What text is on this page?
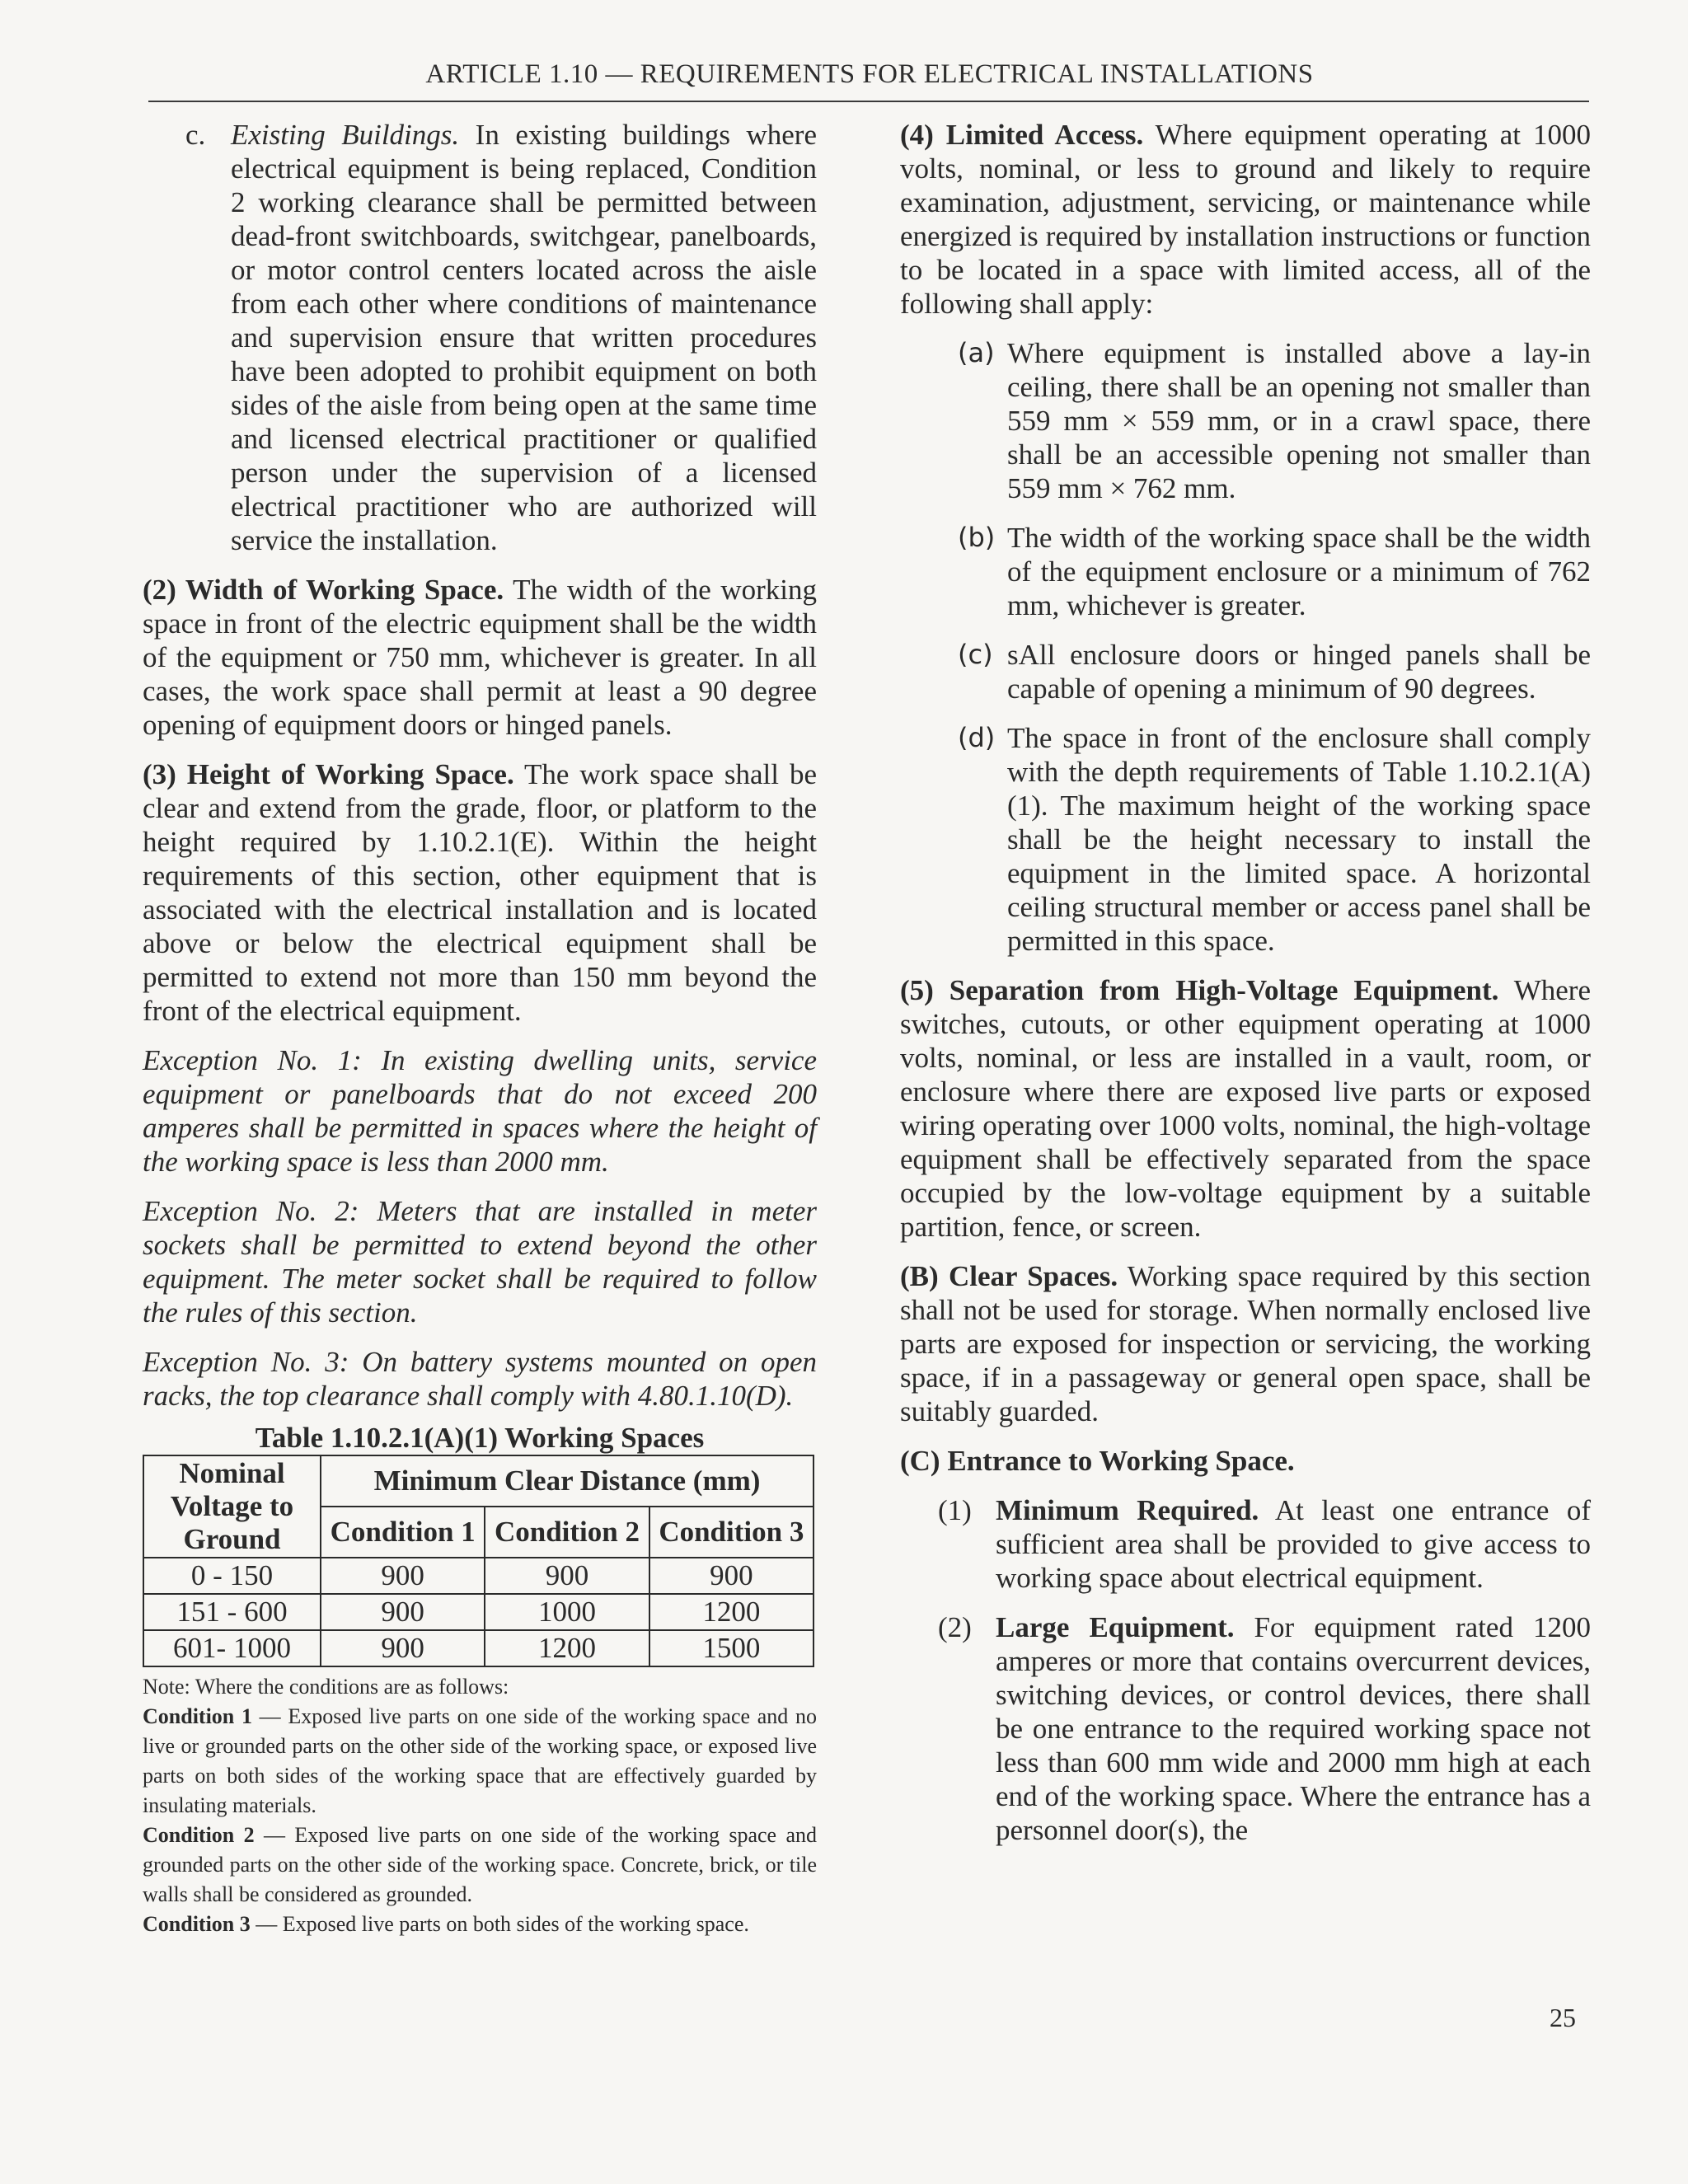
ARTICLE 1.10 — REQUIREMENTS FOR ELECTRICAL INSTALLATIONS
c. Existing Buildings. In existing buildings where electrical equipment is being replaced, Condition 2 working clearance shall be permitted between dead-front switchboards, switchgear, panelboards, or motor control centers located across the aisle from each other where conditions of maintenance and supervision ensure that written procedures have been adopted to prohibit equipment on both sides of the aisle from being open at the same time and licensed electrical practitioner or qualified person under the supervision of a licensed electrical practitioner who are authorized will service the installation.

(2) Width of Working Space. The width of the working space in front of the electric equipment shall be the width of the equipment or 750 mm, whichever is greater. In all cases, the work space shall permit at least a 90 degree opening of equipment doors or hinged panels.

(3) Height of Working Space. The work space shall be clear and extend from the grade, floor, or platform to the height required by 1.10.2.1(E). Within the height requirements of this section, other equipment that is associated with the electrical installation and is located above or below the electrical equipment shall be permitted to extend not more than 150 mm beyond the front of the electrical equipment.

Exception No. 1: In existing dwelling units, service equipment or panelboards that do not exceed 200 amperes shall be permitted in spaces where the height of the working space is less than 2000 mm.

Exception No. 2: Meters that are installed in meter sockets shall be permitted to extend beyond the other equipment. The meter socket shall be required to follow the rules of this section.

Exception No. 3: On battery systems mounted on open racks, the top clearance shall comply with 4.80.1.10(D).

Table 1.10.2.1(A)(1) Working Spaces

Nominal Voltage to Ground	Minimum Clear Distance (mm)		
	Condition 1	Condition 2	Condition 3
0 - 150	900	900	900
151 - 600	900	1000	1200
601- 1000	900	1200	1500

Note: Where the conditions are as follows:

Condition 1 — Exposed live parts on one side of the working space and no live or grounded parts on the other side of the working space, or exposed live parts on both sides of the working space that are effectively guarded by insulating materials.

Condition 2 — Exposed live parts on one side of the working space and grounded parts on the other side of the working space. Concrete, brick, or tile walls shall be considered as grounded.

Condition 3 — Exposed live parts on both sides of the working space.

(4) Limited Access. Where equipment operating at 1000 volts, nominal, or less to ground and likely to require examination, adjustment, servicing, or maintenance while energized is required by installation instructions or function to be located in a space with limited access, all of the following shall apply:

(a) Where equipment is installed above a lay-in ceiling, there shall be an opening not smaller than 559 mm × 559 mm, or in a crawl space, there shall be an accessible opening not smaller than 559 mm × 762 mm.

(b) The width of the working space shall be the width of the equipment enclosure or a minimum of 762 mm, whichever is greater.

(c) sAll enclosure doors or hinged panels shall be capable of opening a minimum of 90 degrees.

(d) The space in front of the enclosure shall comply with the depth requirements of Table 1.10.2.1(A)(1). The maximum height of the working space shall be the height necessary to install the equipment in the limited space. A horizontal ceiling structural member or access panel shall be permitted in this space.

(5) Separation from High-Voltage Equipment. Where switches, cutouts, or other equipment operating at 1000 volts, nominal, or less are installed in a vault, room, or enclosure where there are exposed live parts or exposed wiring operating over 1000 volts, nominal, the high-voltage equipment shall be effectively separated from the space occupied by the low-voltage equipment by a suitable partition, fence, or screen.

(B) Clear Spaces. Working space required by this section shall not be used for storage. When normally enclosed live parts are exposed for inspection or servicing, the working space, if in a passageway or general open space, shall be suitably guarded.

(C) Entrance to Working Space.

(1) Minimum Required. At least one entrance of sufficient area shall be provided to give access to working space about electrical equipment.

(2) Large Equipment. For equipment rated 1200 amperes or more that contains overcurrent devices, switching devices, or control devices, there shall be one entrance to the required working space not less than 600 mm wide and 2000 mm high at each end of the working space. Where the entrance has a personnel door(s), the

25
